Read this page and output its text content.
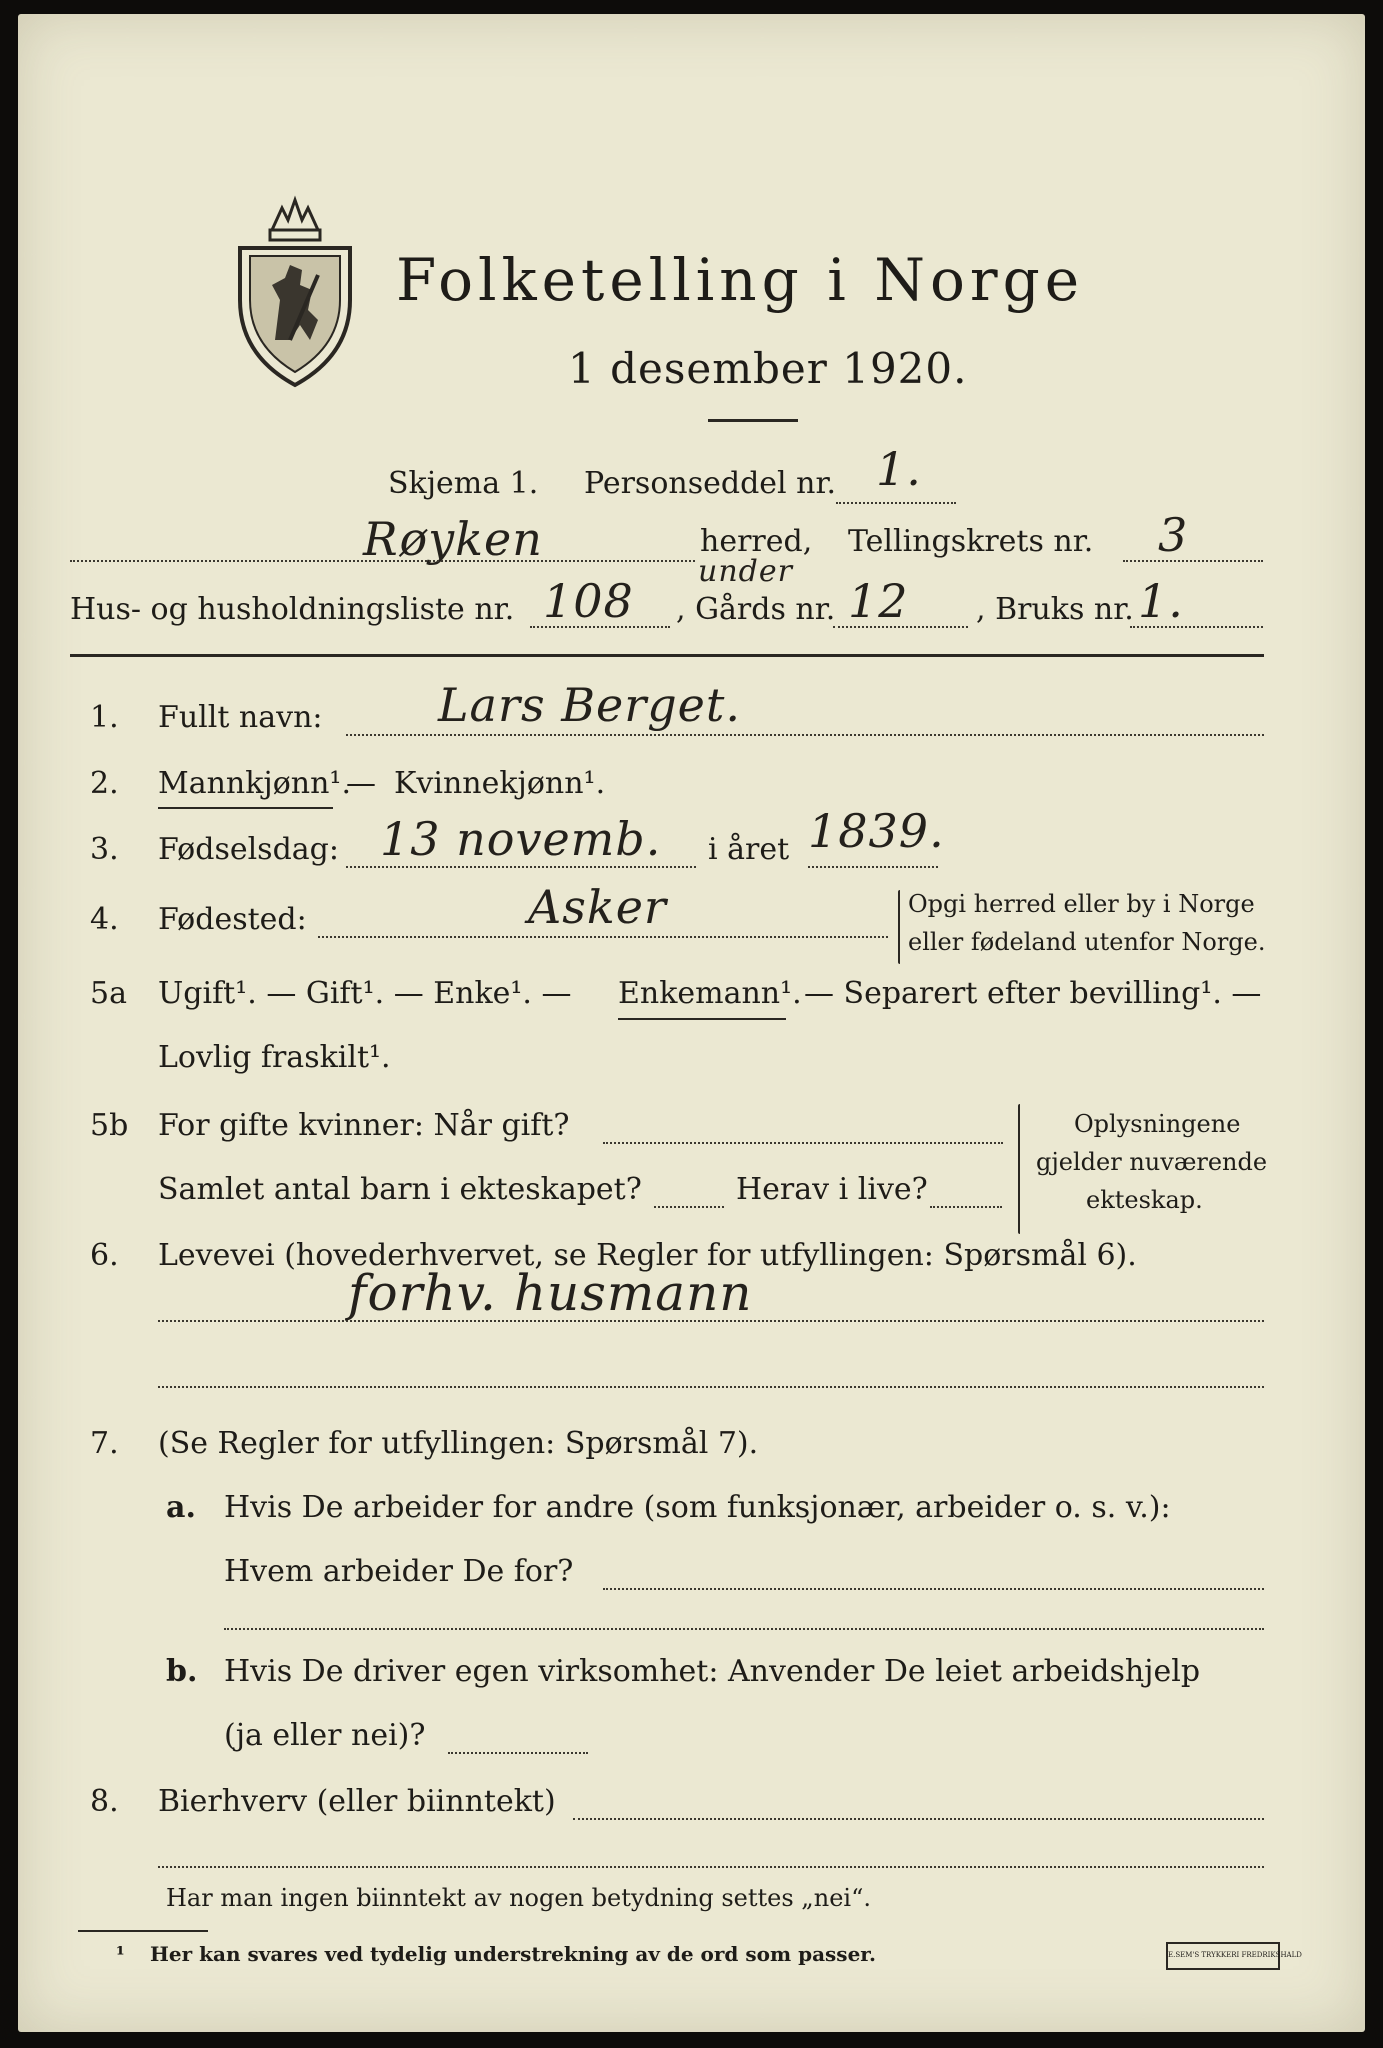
Folketelling i Norge
1 desember 1920.
Skjema 1. Personseddel nr. 1.
Røyken	herred, Tellingskrets nr. 3
under
Hus- og husholdningsliste nr. 108 , Gårds nr. 12 , Bruks nr. 1.
1. Fullt navn:	Lars Berget.
2. Mannkjønn¹.
— Kvinnekjønn¹.
3. Fødselsdag: 13 novemb. i året 1839.
4. Fødested:	Asker	Opgi herred eller by i Norge
eller fødeland utenfor Norge.
5a Ugift¹. — Gift¹. — Enke¹. — Enkemann¹. — Separert efter bevilling¹. —
Lovlig fraskilt¹.
5b For gifte kvinner: Når gift?
Samlet antal barn i ekteskapet?	Herav i live?
Oplysningene
gjelder nuværende
ekteskap.
6. Levevei (hovederhvervet, se Regler for utfyllingen: Spørsmål 6).
forhv. husmann
7. (Se Regler for utfyllingen: Spørsmål 7).
a. Hvis De arbeider for andre (som funksjonær, arbeider o. s. v.):
Hvem arbeider De for?
b. Hvis De driver egen virksomhet: Anvender De leiet arbeidshjelp
(ja eller nei)?
8. Bierhverv (eller biinntekt)
Har man ingen biinntekt av nogen betydning settes „nei“.
¹ Her kan svares ved tydelig understrekning av de ord som passer.	E.SEM'S TRYKKERI FREDRIKSHALD
